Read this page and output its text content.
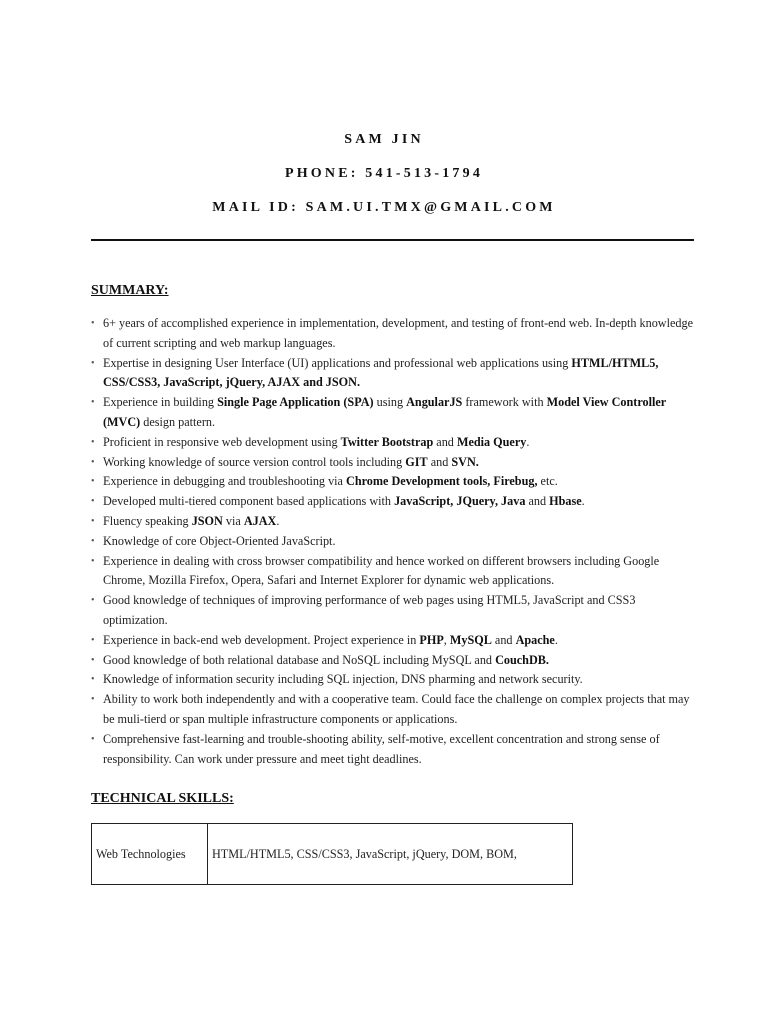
SAM JIN
PHONE: 541-513-1794
MAIL ID: SAM.UI.TMX@GMAIL.COM
SUMMARY:
• 6+ years of accomplished experience in implementation, development, and testing of front-end web. In-depth knowledge of current scripting and web markup languages.
• Expertise in designing User Interface (UI) applications and professional web applications using HTML/HTML5, CSS/CSS3, JavaScript, jQuery, AJAX and JSON.
• Experience in building Single Page Application (SPA) using AngularJS framework with Model View Controller (MVC) design pattern.
• Proficient in responsive web development using Twitter Bootstrap and Media Query.
• Working knowledge of source version control tools including GIT and SVN.
• Experience in debugging and troubleshooting via Chrome Development tools, Firebug, etc.
• Developed multi-tiered component based applications with JavaScript, JQuery, Java and Hbase.
• Fluency speaking JSON via AJAX.
• Knowledge of core Object-Oriented JavaScript.
• Experience in dealing with cross browser compatibility and hence worked on different browsers including Google Chrome, Mozilla Firefox, Opera, Safari and Internet Explorer for dynamic web applications.
• Good knowledge of techniques of improving performance of web pages using HTML5, JavaScript and CSS3 optimization.
• Experience in back-end web development. Project experience in PHP, MySQL and Apache.
• Good knowledge of both relational database and NoSQL including MySQL and CouchDB.
• Knowledge of information security including SQL injection, DNS pharming and network security.
• Ability to work both independently and with a cooperative team. Could face the challenge on complex projects that may be muli-tierd or span multiple infrastructure components or applications.
• Comprehensive fast-learning and trouble-shooting ability, self-motive, excellent concentration and strong sense of responsibility. Can work under pressure and meet tight deadlines.
TECHNICAL SKILLS:
Web Technologies	HTML/HTML5, CSS/CSS3, JavaScript, jQuery, DOM, BOM,
